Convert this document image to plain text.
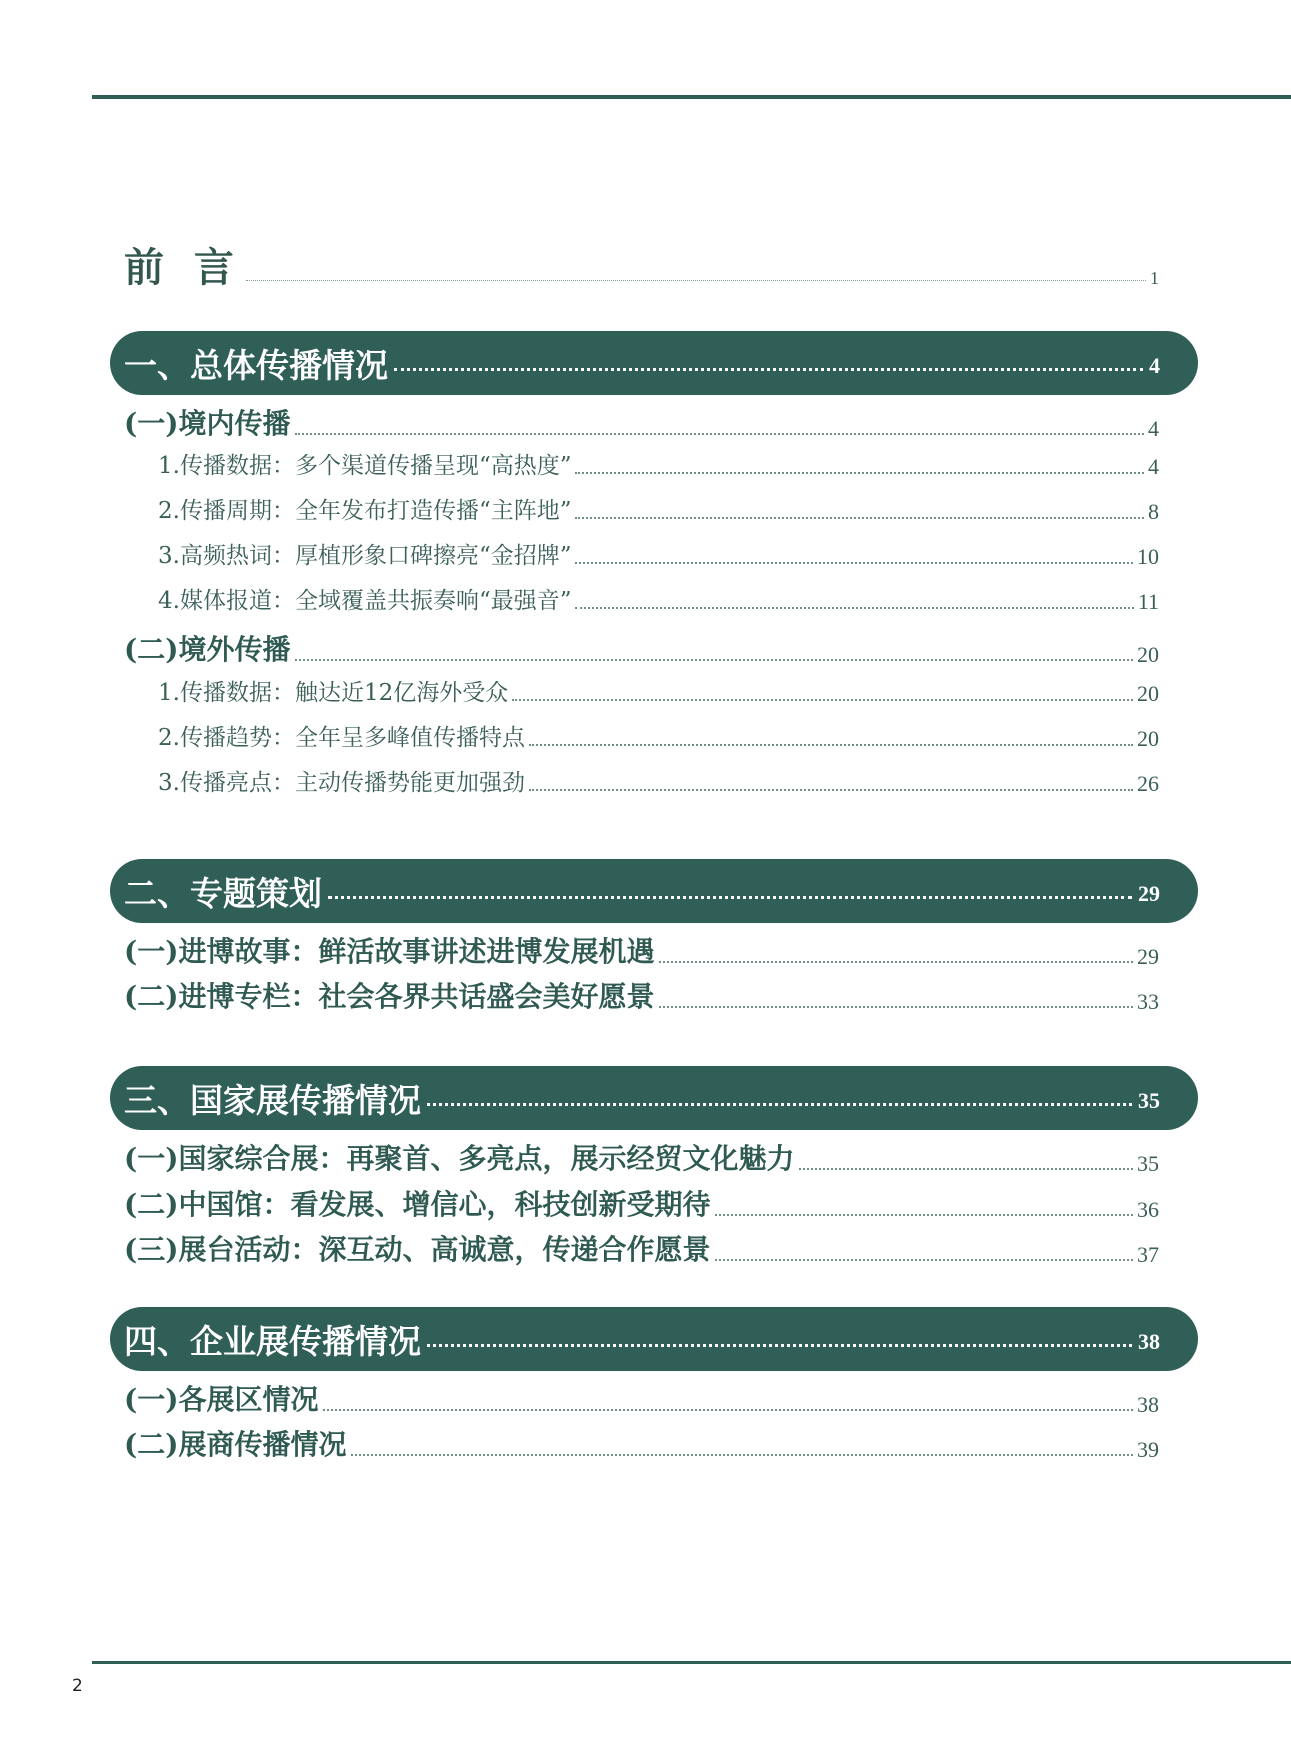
前 言	1
一、总体传播情况	4
(一)境内传播	4
1.传播数据：多个渠道传播呈现“高热度”	4
2.传播周期：全年发布打造传播“主阵地”	8
3.高频热词：厚植形象口碑擦亮“金招牌”	10
4.媒体报道：全域覆盖共振奏响“最强音”	11
(二)境外传播	20
1.传播数据：触达近12亿海外受众	20
2.传播趋势：全年呈多峰值传播特点	20
3.传播亮点：主动传播势能更加强劲	26
二、专题策划	29
(一)进博故事：鲜活故事讲述进博发展机遇	29
(二)进博专栏：社会各界共话盛会美好愿景	33
三、国家展传播情况	35
(一)国家综合展：再聚首、多亮点，展示经贸文化魅力	35
(二)中国馆：看发展、增信心，科技创新受期待	36
(三)展台活动：深互动、高诚意，传递合作愿景	37
四、企业展传播情况	38
(一)各展区情况	38
(二)展商传播情况	39
2
